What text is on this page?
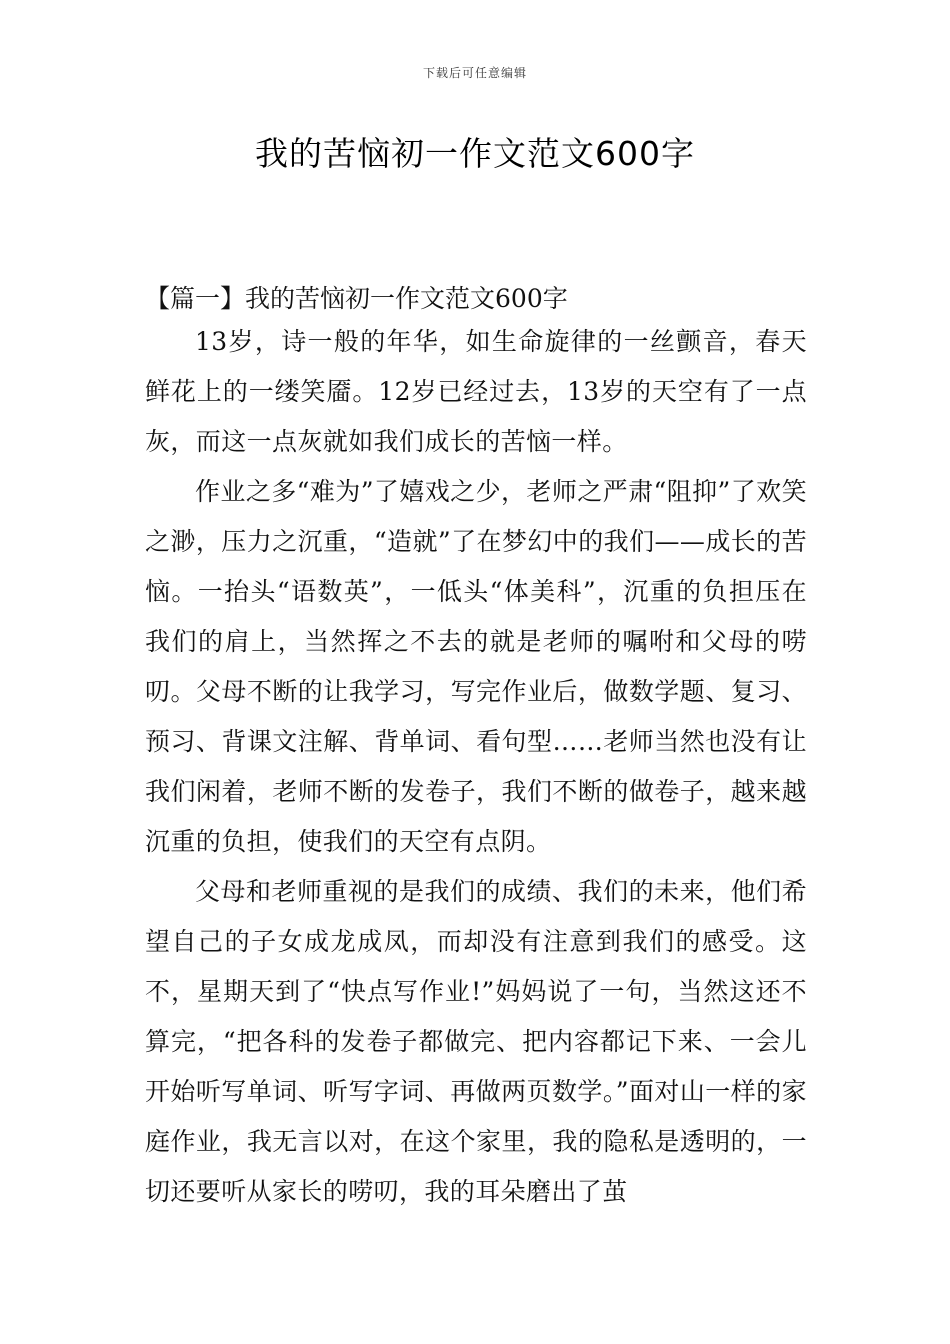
下载后可任意编辑
我的苦恼初一作文范文600字

【篇一】我的苦恼初一作文范文600字

13岁，诗一般的年华，如生命旋律的一丝颤音，春天鲜花上的一缕笑靥。12岁已经过去，13岁的天空有了一点灰，而这一点灰就如我们成长的苦恼一样。

作业之多“难为”了嬉戏之少，老师之严肃“阻抑”了欢笑之渺，压力之沉重，“造就”了在梦幻中的我们——成长的苦恼。一抬头“语数英”，一低头“体美科”，沉重的负担压在我们的肩上，当然挥之不去的就是老师的嘱咐和父母的唠叨。父母不断的让我学习，写完作业后，做数学题、复习、预习、背课文注解、背单词、看句型……老师当然也没有让我们闲着，老师不断的发卷子，我们不断的做卷子，越来越沉重的负担，使我们的天空有点阴。

父母和老师重视的是我们的成绩、我们的未来，他们希望自己的子女成龙成凤，而却没有注意到我们的感受。这不，星期天到了“快点写作业!”妈妈说了一句，当然这还不算完，“把各科的发卷子都做完、把内容都记下来、一会儿开始听写单词、听写字词、再做两页数学。”面对山一样的家庭作业，我无言以对，在这个家里，我的隐私是透明的，一切还要听从家长的唠叨，我的耳朵磨出了茧
